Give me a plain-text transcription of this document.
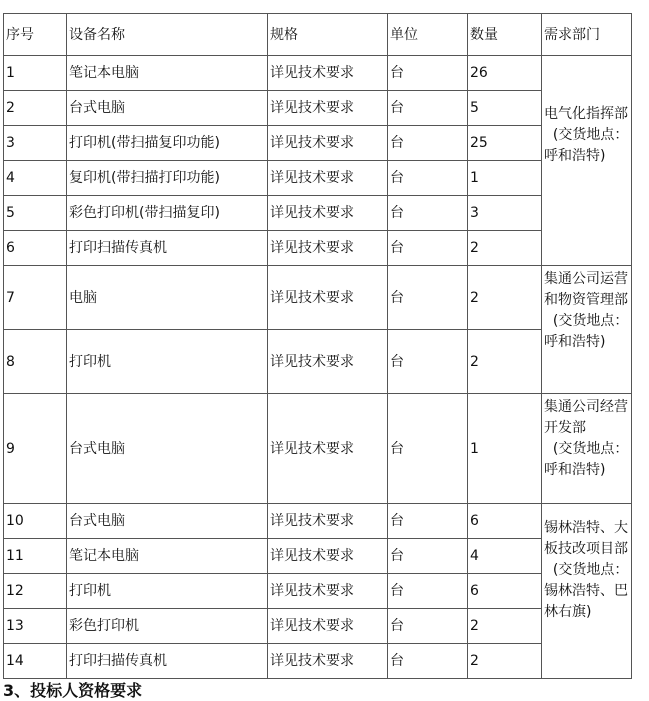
序号	设备名称	规格	单位	数量	需求部门
1	笔记本电脑	详见技术要求	台	26	电气化指挥部
(交货地点：呼和浩特)

2	台式电脑	详见技术要求	台	5	
3	打印机(带扫描复印功能)	详见技术要求	台	25	
4	复印机(带扫描打印功能)	详见技术要求	台	1	
5	彩色打印机(带扫描复印)	详见技术要求	台	3	
6	打印扫描传真机	详见技术要求	台	2	
7	电脑	详见技术要求	台	2	集通公司运营和物资管理部
(交货地点：呼和浩特)

8	打印机	详见技术要求	台	2	
9	台式电脑	详见技术要求	台	1	集通公司经营开发部
(交货地点：呼和浩特)

10	台式电脑	详见技术要求	台	6	锡林浩特、大板技改项目部
(交货地点：锡林浩特、巴林右旗)

11	笔记本电脑	详见技术要求	台	4	
12	打印机	详见技术要求	台	6	
13	彩色打印机	详见技术要求	台	2	
14	打印扫描传真机	详见技术要求	台	2	
3、投标人资格要求
